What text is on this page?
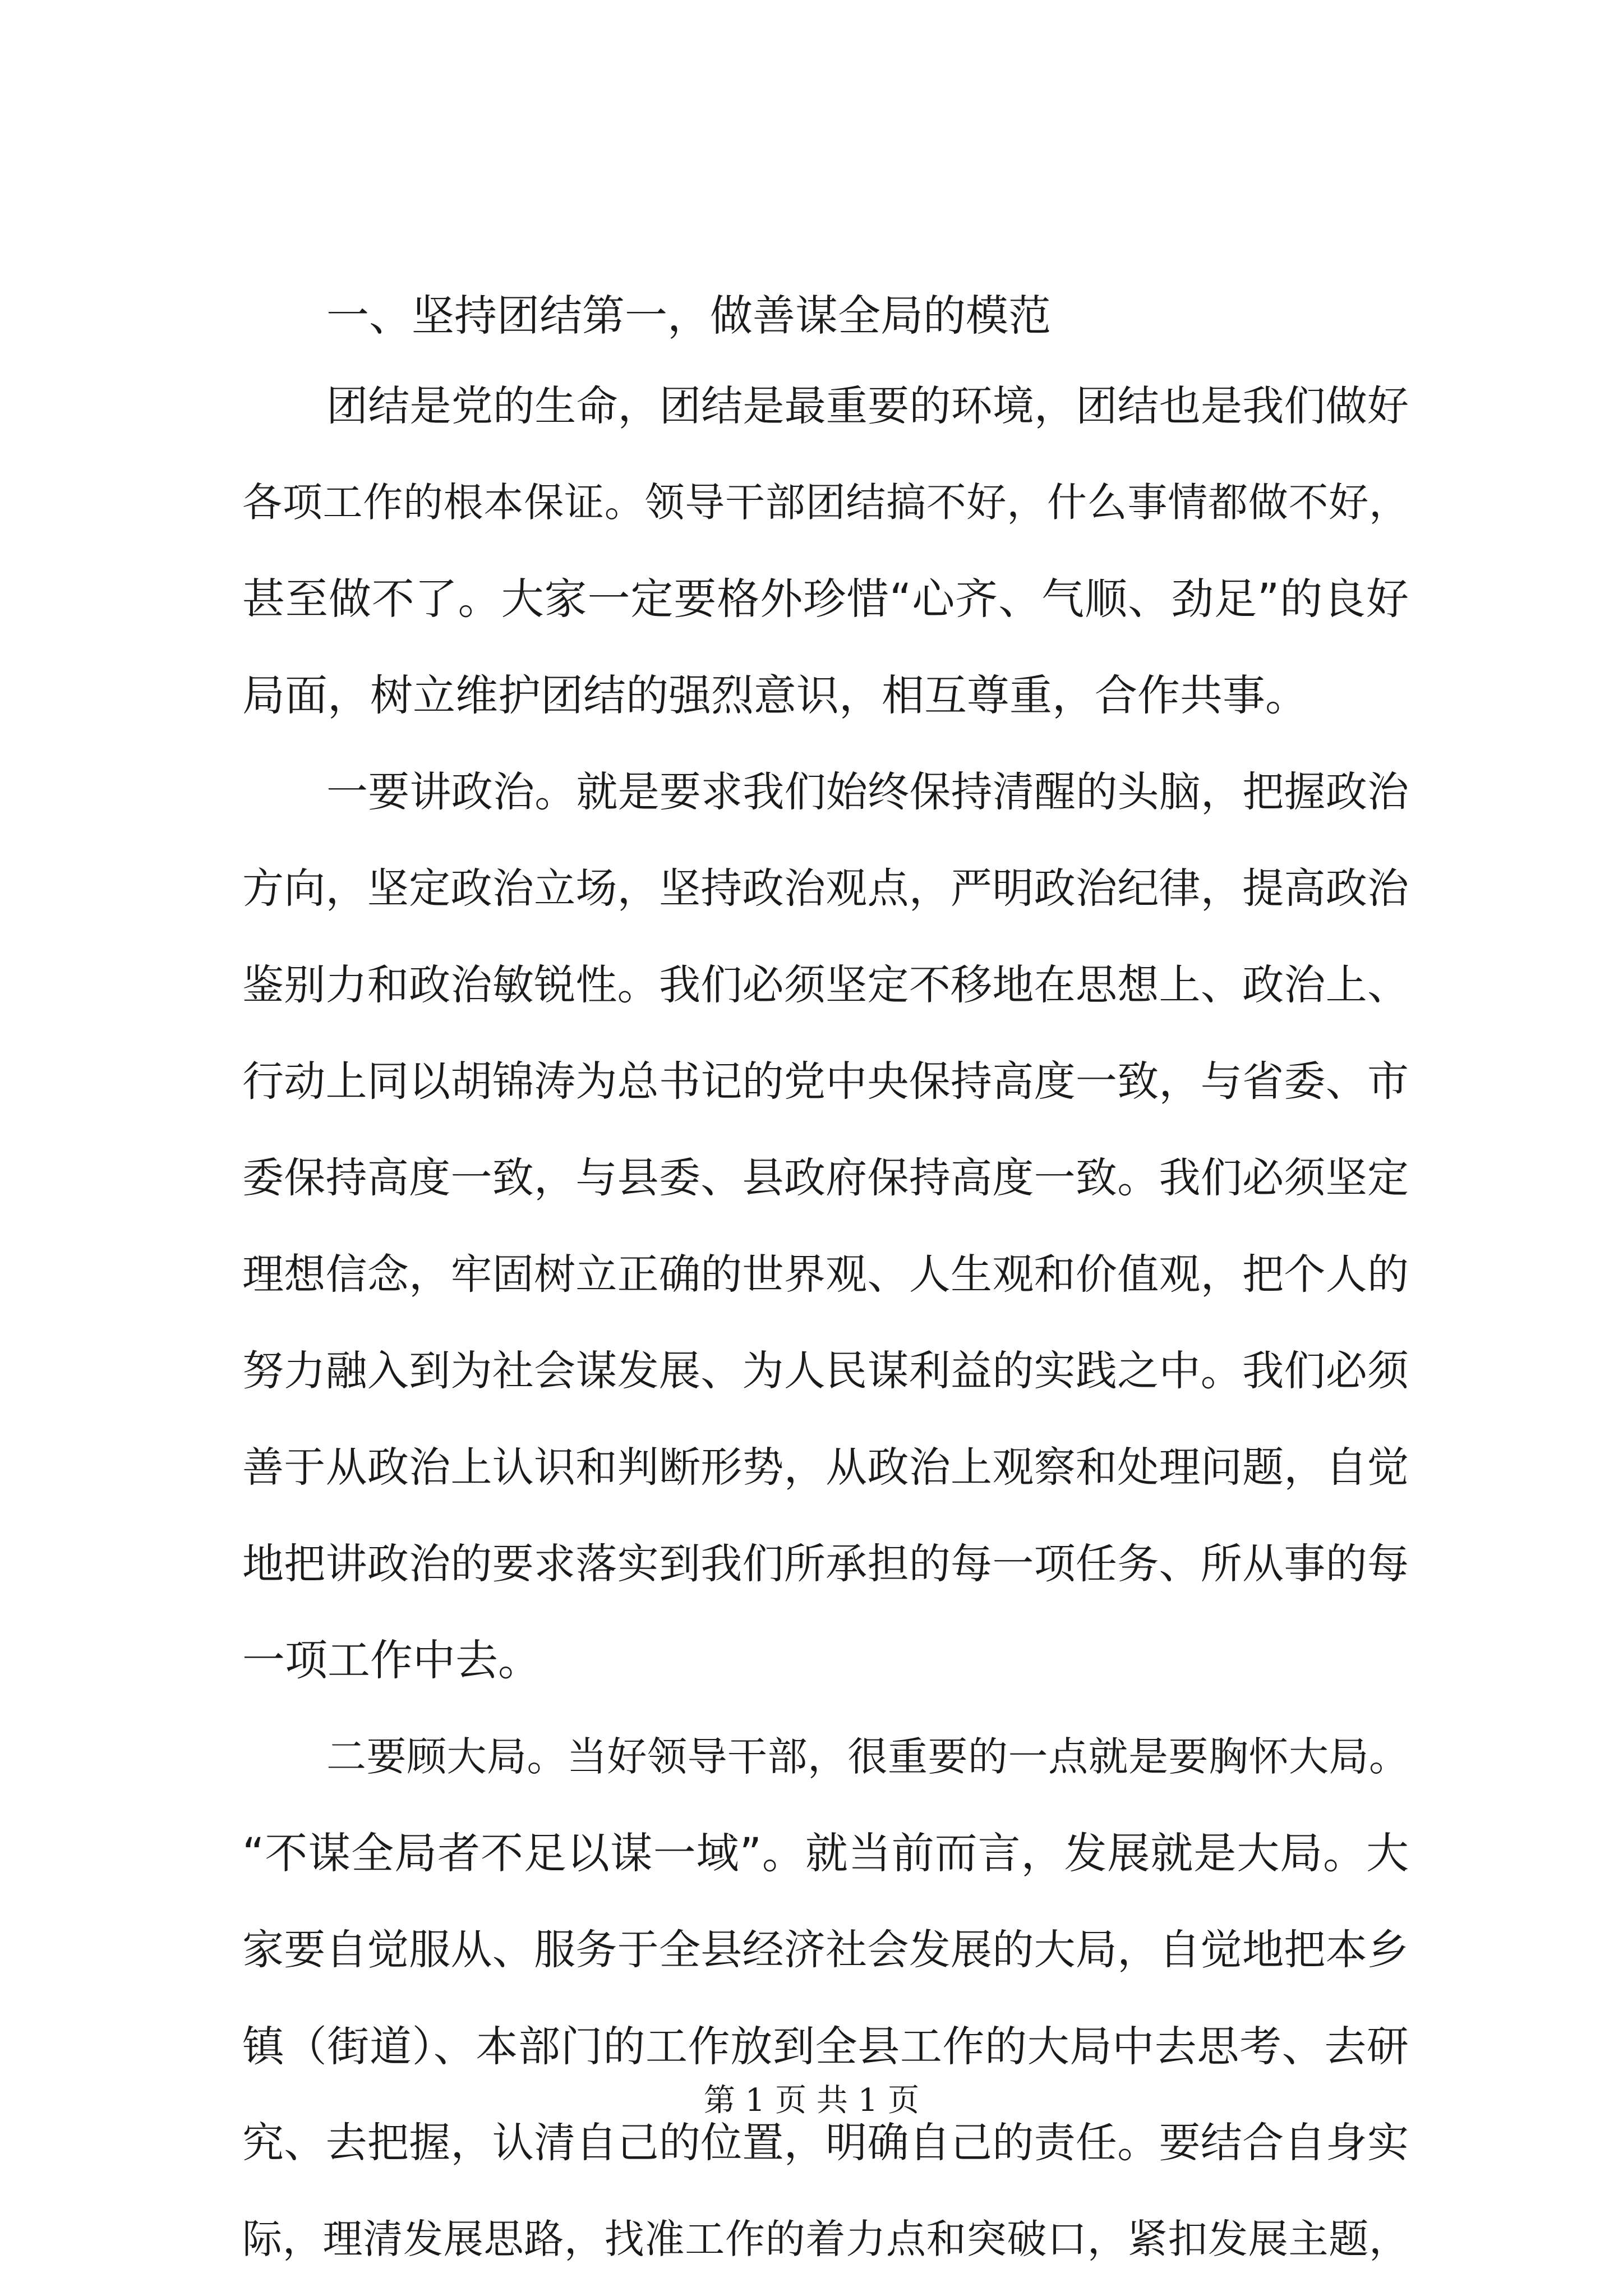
一、坚持团结第一，做善谋全局的模范
团结是党的生命，团结是最重要的环境，团结也是我们做好
各项工作的根本保证。领导干部团结搞不好，什么事情都做不好，
甚至做不了。大家一定要格外珍惜“心齐、气顺、劲足”的良好
局面，树立维护团结的强烈意识，相互尊重，合作共事。
一要讲政治。就是要求我们始终保持清醒的头脑，把握政治
方向，坚定政治立场，坚持政治观点，严明政治纪律，提高政治
鉴别力和政治敏锐性。我们必须坚定不移地在思想上、政治上、
行动上同以胡锦涛为总书记的党中央保持高度一致，与省委、市
委保持高度一致，与县委、县政府保持高度一致。我们必须坚定
理想信念，牢固树立正确的世界观、人生观和价值观，把个人的
努力融入到为社会谋发展、为人民谋利益的实践之中。我们必须
善于从政治上认识和判断形势，从政治上观察和处理问题，自觉
地把讲政治的要求落实到我们所承担的每一项任务、所从事的每
一项工作中去。
二要顾大局。当好领导干部，很重要的一点就是要胸怀大局。
“不谋全局者不足以谋一域”。就当前而言，发展就是大局。大
家要自觉服从、服务于全县经济社会发展的大局，自觉地把本乡
镇（街道）、本部门的工作放到全县工作的大局中去思考、去研
究、去把握，认清自己的位置，明确自己的责任。要结合自身实
际，理清发展思路，找准工作的着力点和突破口，紧扣发展主题，
第 1 页 共 1 页
